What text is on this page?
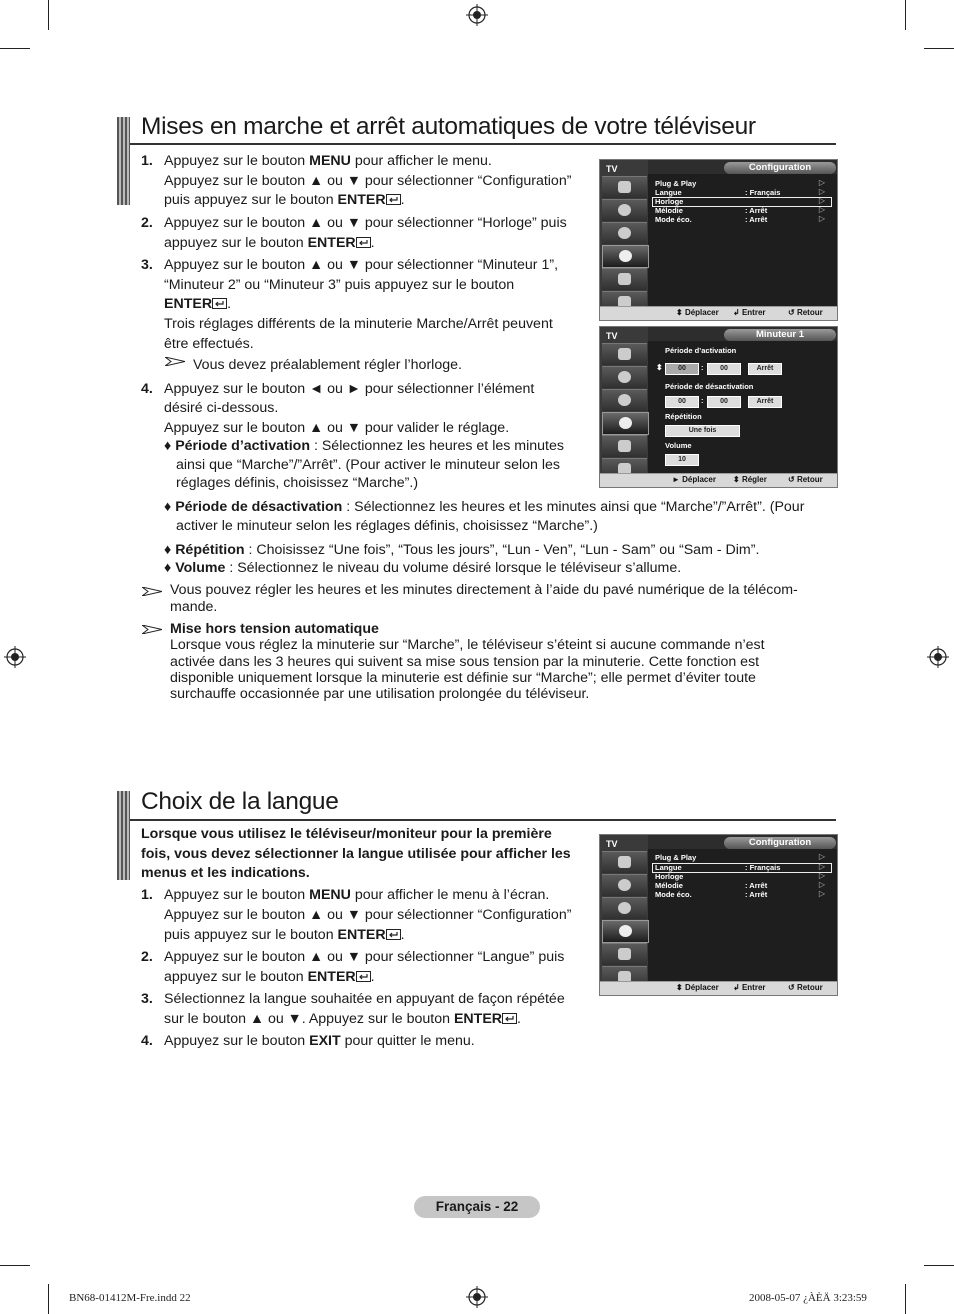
Mises en marche et arrêt automatiques de votre téléviseur
1. Appuyez sur le bouton MENU pour afficher le menu.
Appuyez sur le bouton ▲ ou ▼ pour sélectionner “Configuration”
puis appuyez sur le bouton ENTER .
2. Appuyez sur le bouton ▲ ou ▼ pour sélectionner “Horloge” puis
appuyez sur le bouton ENTER .
3. Appuyez sur le bouton ▲ ou ▼ pour sélectionner “Minuteur 1”,
“Minuteur 2” ou “Minuteur 3” puis appuyez sur le bouton
ENTER .
Trois réglages différents de la minuterie Marche/Arrêt peuvent
être effectués.
Vous devez préalablement régler l’horloge.
4. Appuyez sur le bouton ◄ ou ► pour sélectionner l’élément
désiré ci-dessous.
Appuyez sur le bouton ▲ ou ▼ pour valider le réglage.
♦ Période d’activation : Sélectionnez les heures et les minutes
ainsi que “Marche”/”Arrêt”. (Pour activer le minuteur selon les
réglages définis, choisissez “Marche”.)
♦ Période de désactivation : Sélectionnez les heures et les minutes ainsi que “Marche”/”Arrêt”. (Pour
activer le minuteur selon les réglages définis, choisissez “Marche”.)
♦ Répétition : Choisissez “Une fois”, “Tous les jours”, “Lun - Ven”, “Lun - Sam” ou “Sam - Dim”.
♦ Volume : Sélectionnez le niveau du volume désiré lorsque le téléviseur s’allume.
Vous pouvez régler les heures et les minutes directement à l’aide du pavé numérique de la télécom-
mande.
Mise hors tension automatique
Lorsque vous réglez la minuterie sur “Marche”, le téléviseur s’éteint si aucune commande n’est
activée dans les 3 heures qui suivent sa mise sous tension par la minuterie. Cette fonction est
disponible uniquement lorsque la minuterie est définie sur “Marche”; elle permet d’éviter toute
surchauffe occasionnée par une utilisation prolongée du téléviseur.
TV	Configuration
Plug & Play
Langue
Horloge
Mélodie
Mode éco.
: Français
: Arrêt
: Arrêt
▷
▷
▷
▷
▷
⬍ Déplacer ↲ Entrer	↺ Retour
TV	Minuteur 1
Période d’activation
⬍	00	:	00	Arrêt
Période de désactivation
00	:	00	Arrêt
Répétition
Une fois
Volume
10
► Déplacer ⬍ Régler	↺ Retour
Choix de la langue
Lorsque vous utilisez le téléviseur/moniteur pour la première
fois, vous devez sélectionner la langue utilisée pour afficher les
menus et les indications.
1. Appuyez sur le bouton MENU pour afficher le menu à l’écran.
Appuyez sur le bouton ▲ ou ▼ pour sélectionner “Configuration”
puis appuyez sur le bouton ENTER .
2. Appuyez sur le bouton ▲ ou ▼ pour sélectionner “Langue” puis
appuyez sur le bouton ENTER .
3. Sélectionnez la langue souhaitée en appuyant de façon répétée
sur le bouton ▲ ou ▼. Appuyez sur le bouton ENTER .
4. Appuyez sur le bouton EXIT pour quitter le menu.
TV	Configuration
Plug & Play
Langue
Horloge
Mélodie
Mode éco.
: Français
: Arrêt
: Arrêt
▷
▷
▷
▷
▷
⬍ Déplacer ↲ Entrer	↺ Retour
Français - 22
BN68-01412M-Fre.indd 22	2008-05-07 ¿ÀÈÄ 3:23:59
